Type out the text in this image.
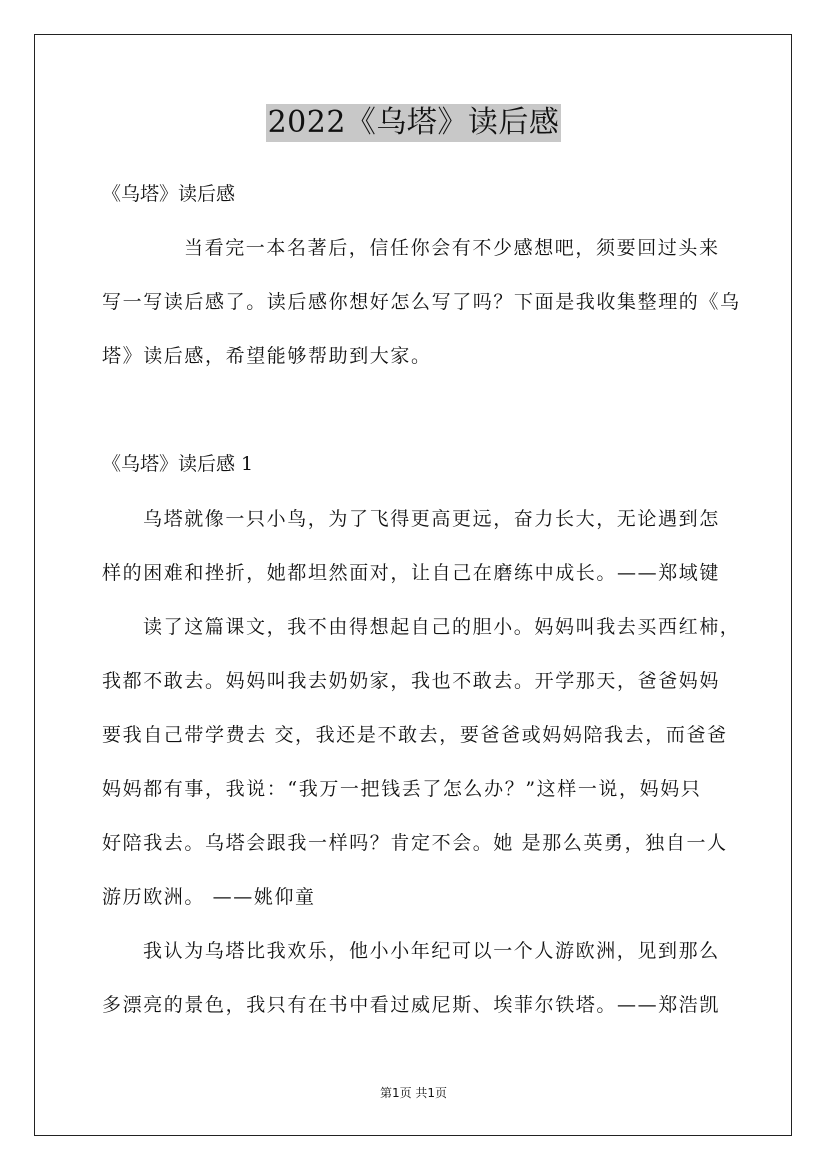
2022《乌塔》读后感
《乌塔》读后感
当看完一本名著后，信任你会有不少感想吧，须要回过头来
写一写读后感了。读后感你想好怎么写了吗？下面是我收集整理的《乌
塔》读后感，希望能够帮助到大家。
《乌塔》读后感 1
乌塔就像一只小鸟，为了飞得更高更远，奋力长大，无论遇到怎
样的困难和挫折，她都坦然面对，让自己在磨练中成长。——郑域键
读了这篇课文，我不由得想起自己的胆小。妈妈叫我去买西红柿，
我都不敢去。妈妈叫我去奶奶家，我也不敢去。开学那天，爸爸妈妈
要我自己带学费去 交，我还是不敢去，要爸爸或妈妈陪我去，而爸爸
妈妈都有事，我说：“我万一把钱丢了怎么办？”这样一说，妈妈只
好陪我去。乌塔会跟我一样吗？肯定不会。她 是那么英勇，独自一人
游历欧洲。 ——姚仰童
我认为乌塔比我欢乐，他小小年纪可以一个人游欧洲，见到那么
多漂亮的景色，我只有在书中看过威尼斯、埃菲尔铁塔。——郑浩凯
第1页 共1页
